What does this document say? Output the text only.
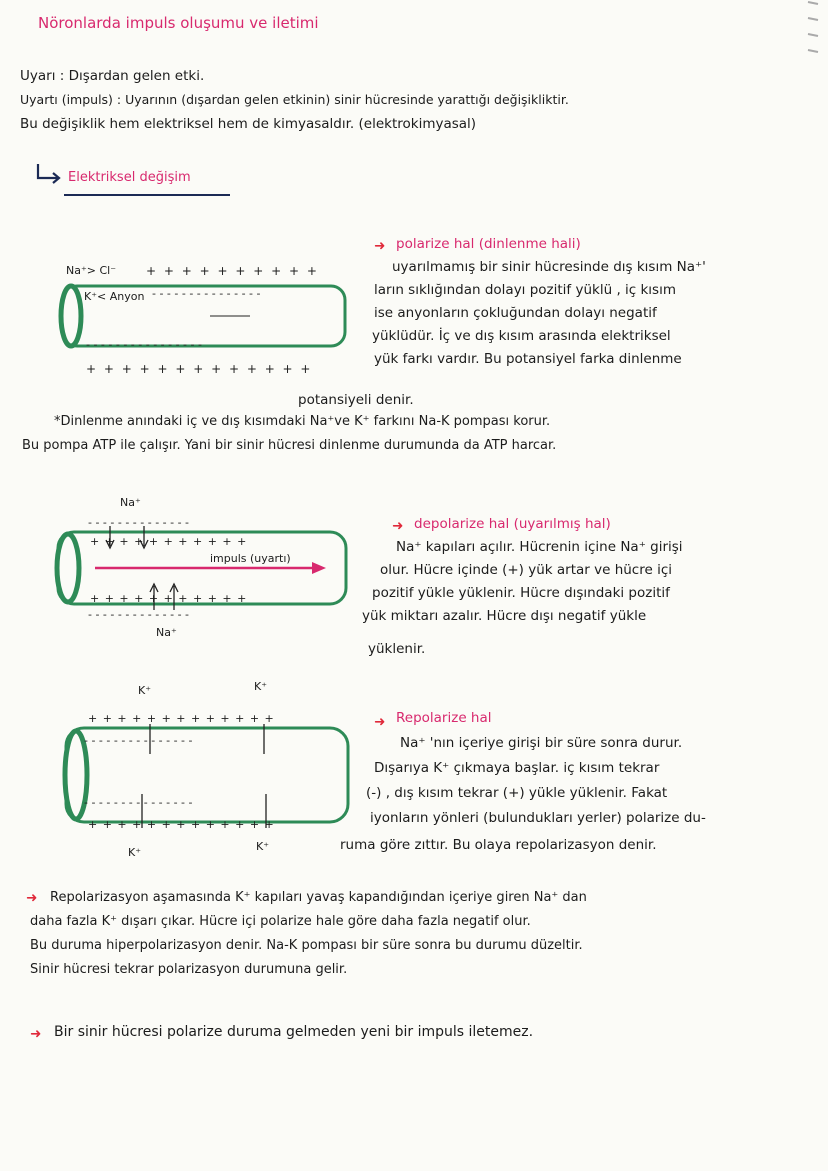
Nöronlarda impuls oluşumu ve iletimi
Uyarı : Dışardan gelen etki.
Uyartı (impuls) : Uyarının (dışardan gelen etkinin) sinir hücresinde yarattığı değişikliktir.
Bu değişiklik hem elektriksel hem de kimyasaldır. (elektrokimyasal)
Elektriksel değişim
Na⁺> Cl⁻ + + + + + + + + + +
K⁺< Anyon - - - - - - - - - - - - - - -
- - - - - - - - - - - - - - - -
+ + + + + + + + + + + + +
➜ polarize hal (dinlenme hali)
uyarılmamış bir sinir hücresinde dış kısım Na⁺'
ların sıklığından dolayı pozitif yüklü , iç kısım
ise anyonların çokluğundan dolayı negatif
yüklüdür. İç ve dış kısım arasında elektriksel
yük farkı vardır. Bu potansiyel farka dinlenme
potansiyeli denir.
*Dinlenme anındaki iç ve dış kısımdaki Na⁺ve K⁺ farkını Na-K pompası korur.
Bu pompa ATP ile çalışır. Yani bir sinir hücresi dinlenme durumunda da ATP harcar.
Na⁺
- - - - - - - - - - - - - -
+ + + + + + + + + + +
impuls (uyartı)
+ + + + + + + + + + +
- - - - - - - - - - - - - -
Na⁺
➜ depolarize hal (uyarılmış hal)
Na⁺ kapıları açılır. Hücrenin içine Na⁺ girişi
olur. Hücre içinde (+) yük artar ve hücre içi
pozitif yükle yüklenir. Hücre dışındaki pozitif
yük miktarı azalır. Hücre dışı negatif yükle
yüklenir.
K⁺	K⁺
+ + + + + + + + + + + + +
- - - - - - - - - - - - - - -
- - - - - - - - - - - - - - -
+ + + + + + + + + + + + +
K⁺	K⁺
➜ Repolarize hal
Na⁺ 'nın içeriye girişi bir süre sonra durur.
Dışarıya K⁺ çıkmaya başlar. iç kısım tekrar
(-) , dış kısım tekrar (+) yükle yüklenir. Fakat
iyonların yönleri (bulundukları yerler) polarize du-
ruma göre zıttır. Bu olaya repolarizasyon denir.
➜ Repolarizasyon aşamasında K⁺ kapıları yavaş kapandığından içeriye giren Na⁺ dan
daha fazla K⁺ dışarı çıkar. Hücre içi polarize hale göre daha fazla negatif olur.
Bu duruma hiperpolarizasyon denir. Na-K pompası bir süre sonra bu durumu düzeltir.
Sinir hücresi tekrar polarizasyon durumuna gelir.
➜ Bir sinir hücresi polarize duruma gelmeden yeni bir impuls iletemez.
